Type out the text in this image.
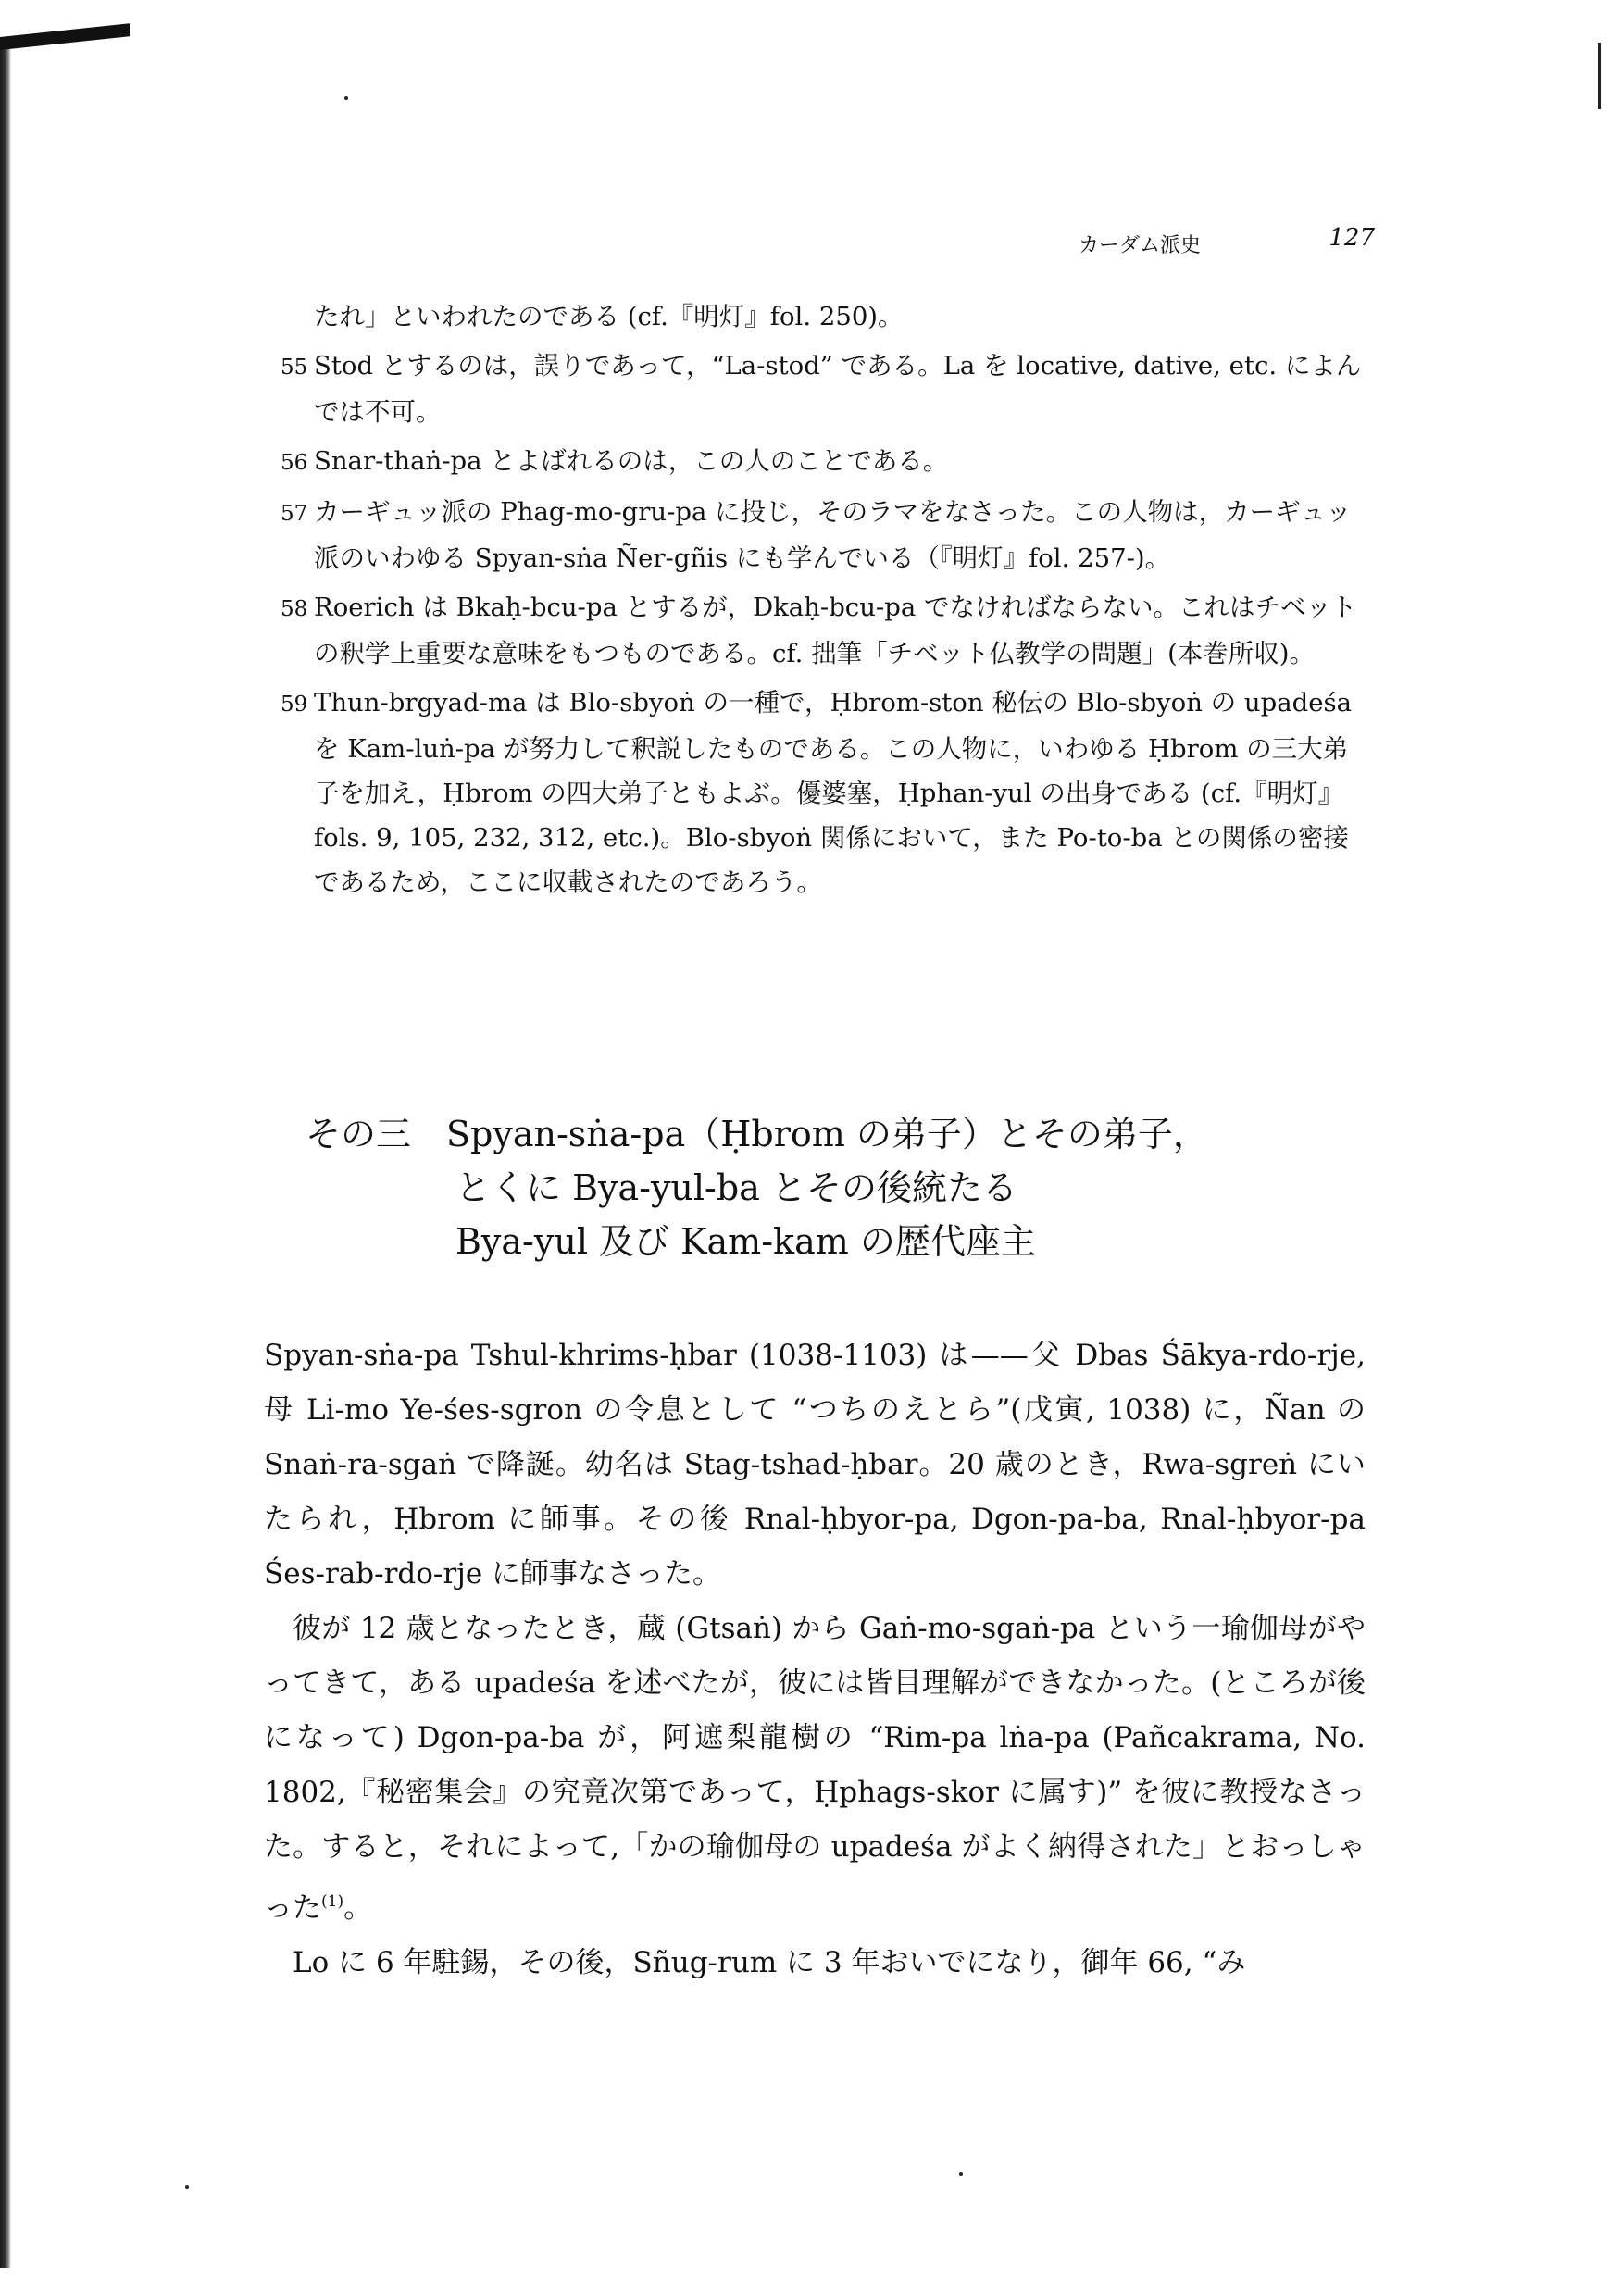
カーダム派史	127

たれ」といわれたのである (cf.『明灯』fol. 250)。

55 Stod とするのは，誤りであって，“La-stod” である。La を locative, dative, etc. によんでは不可。

56 Snar-thaṅ-pa とよばれるのは，この人のことである。

57 カーギュッ派の Phag-mo-gru-pa に投じ，そのラマをなさった。この人物は，カーギュッ派のいわゆる Spyan-sṅa Ñer-gñis にも学んでいる（『明灯』fol. 257-)。

58 Roerich は Bkaḥ-bcu-pa とするが，Dkaḥ-bcu-pa でなければならない。これはチベットの釈学上重要な意味をもつものである。cf. 拙筆「チベット仏教学の問題」(本巻所収)。

59 Thun-brgyad-ma は Blo-sbyoṅ の一種で，Ḥbrom-ston 秘伝の Blo-sbyoṅ の upadeśa を Kam-luṅ-pa が努力して釈説したものである。この人物に，いわゆる Ḥbrom の三大弟子を加え，Ḥbrom の四大弟子ともよぶ。優婆塞，Ḥphan-yul の出身である (cf.『明灯』fols. 9, 105, 232, 312, etc.)。Blo-sbyoṅ 関係において，また Po-to-ba との関係の密接であるため，ここに収載されたのであろう。

その三　Spyan-sṅa-pa（Ḥbrom の弟子）とその弟子，
とくに Bya-yul-ba とその後統たる
Bya-yul 及び Kam-kam の歴代座主

Spyan-sṅa-pa Tshul-khrims-ḥbar (1038-1103) は——父 Dbas Śākya-rdo-rje, 母 Li-mo Ye-śes-sgron の令息として “つちのえとら”(戊寅, 1038) に，Ñan の Snaṅ-ra-sgaṅ で降誕。幼名は Stag-tshad-ḥbar。20 歳のとき，Rwa-sgreṅ にいたられ，Ḥbrom に師事。その後 Rnal-ḥbyor-pa, Dgon-pa-ba, Rnal-ḥbyor-pa Śes-rab-rdo-rje に師事なさった。

彼が 12 歳となったとき，蔵 (Gtsaṅ) から Gaṅ-mo-sgaṅ-pa という一瑜伽母がやってきて，ある upadeśa を述べたが，彼には皆目理解ができなかった。(ところが後になって) Dgon-pa-ba が，阿遮梨龍樹の “Rim-pa lṅa-pa (Pañcakrama, No. 1802,『秘密集会』の究竟次第であって，Ḥphags-skor に属す)” を彼に教授なさった。すると，それによって,「かの瑜伽母の upadeśa がよく納得された」とおっしゃった$^{(1)}$。

Lo に 6 年駐錫，その後，Sñug-rum に 3 年おいでになり，御年 66, “み
